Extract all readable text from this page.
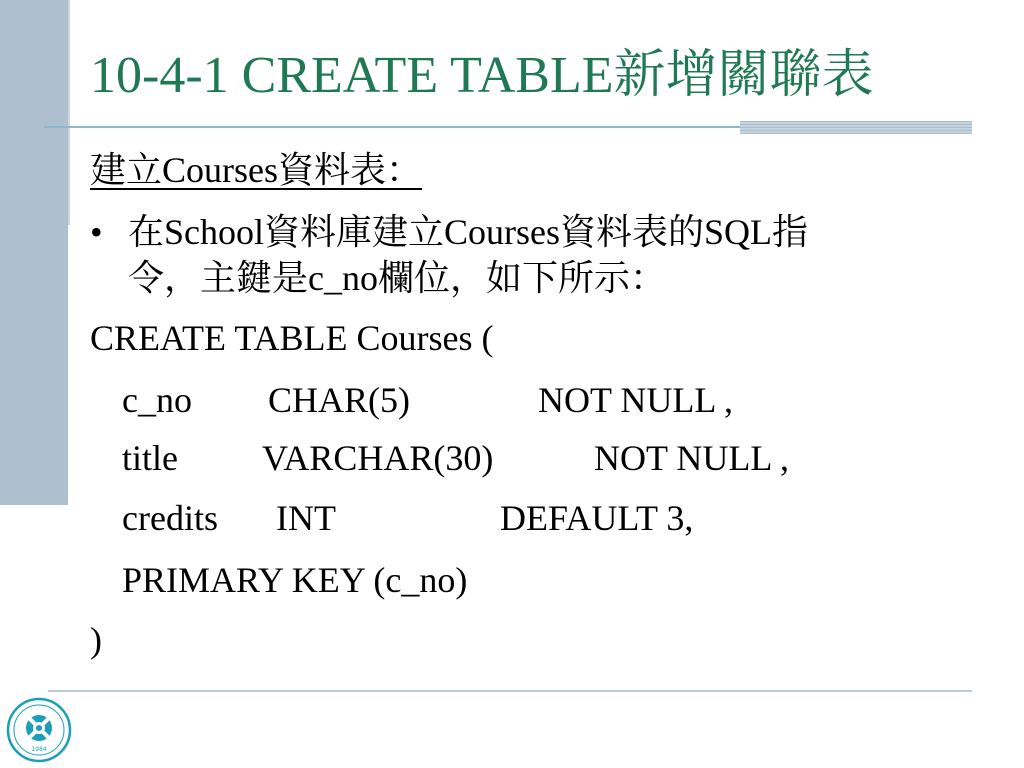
10-4-1 CREATE TABLE新增關聯表
建立Courses資料表：
• 在School資料庫建立Courses資料表的SQL指
令，主鍵是c_no欄位，如下所示：
CREATE TABLE Courses (
c_no CHAR(5)	NOT NULL ,
title VARCHAR(30)	NOT NULL ,
credits INT	DEFAULT 3,
PRIMARY KEY (c_no)
)
1984
